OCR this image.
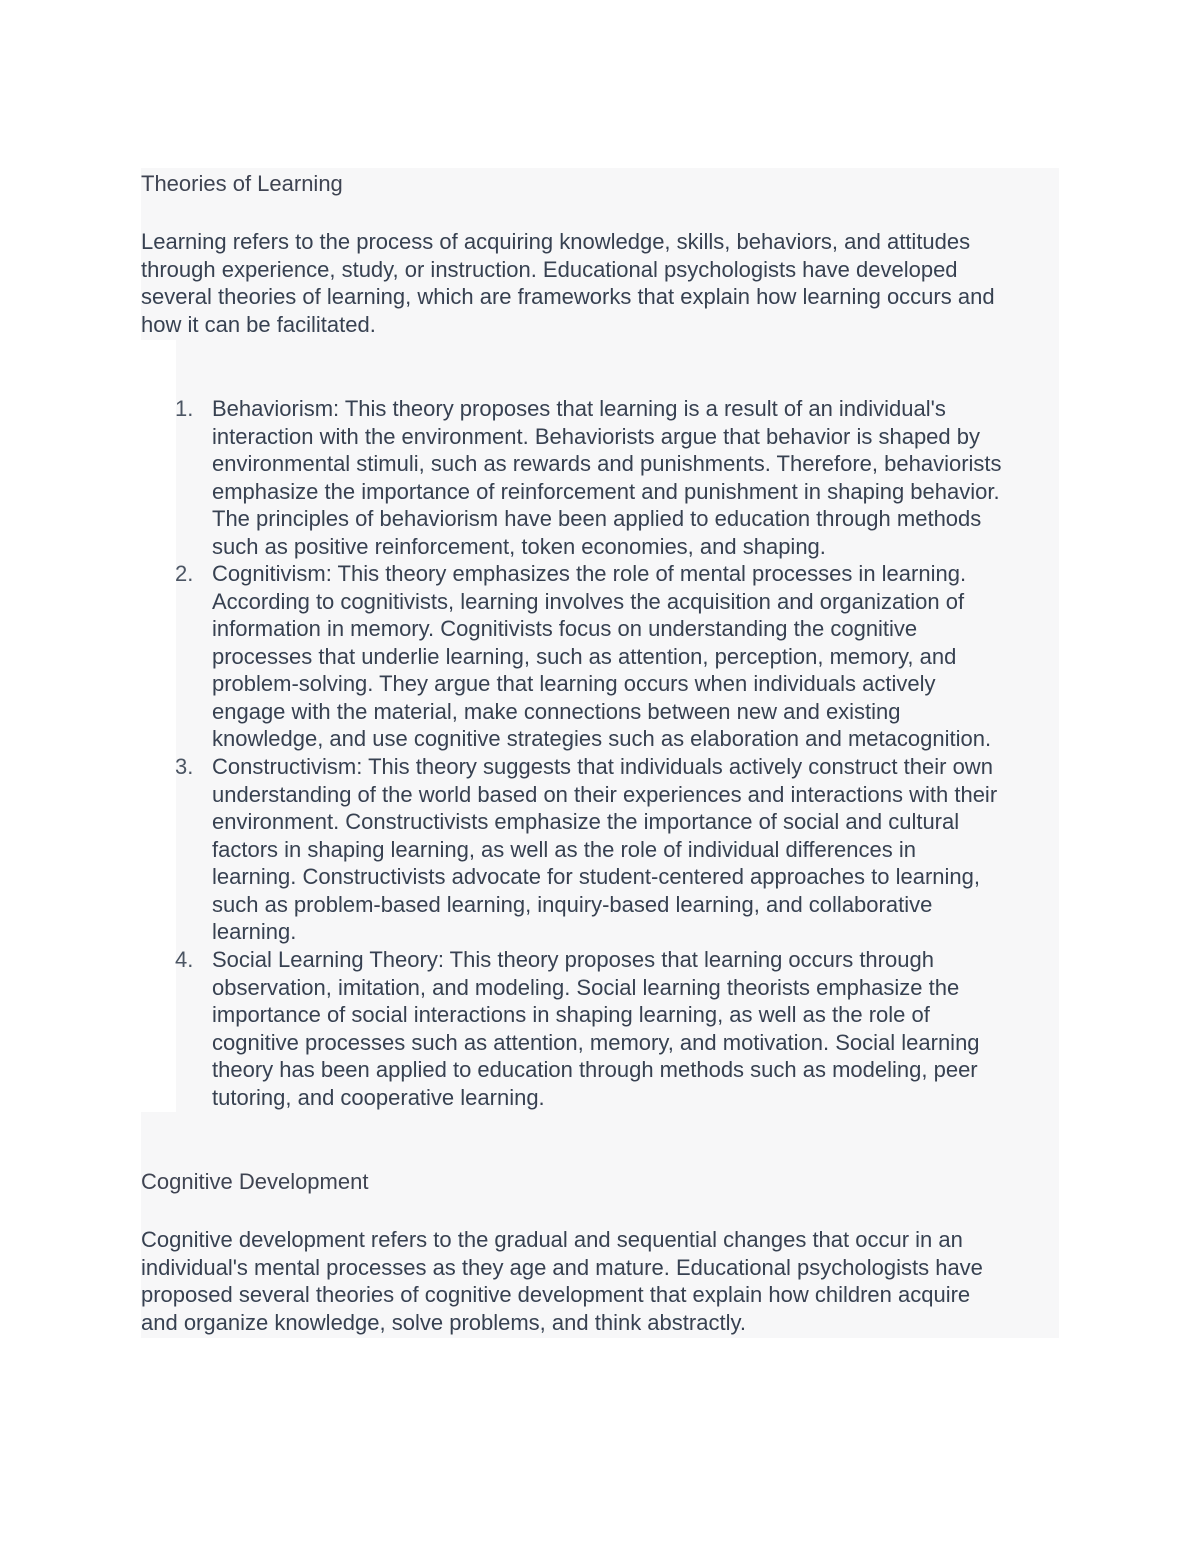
Theories of Learning

Learning refers to the process of acquiring knowledge, skills, behaviors, and attitudes
through experience, study, or instruction. Educational psychologists have developed
several theories of learning, which are frameworks that explain how learning occurs and
how it can be facilitated.

1. Behaviorism: This theory proposes that learning is a result of an individual's
interaction with the environment. Behaviorists argue that behavior is shaped by
environmental stimuli, such as rewards and punishments. Therefore, behaviorists
emphasize the importance of reinforcement and punishment in shaping behavior.
The principles of behaviorism have been applied to education through methods
such as positive reinforcement, token economies, and shaping.
2. Cognitivism: This theory emphasizes the role of mental processes in learning.
According to cognitivists, learning involves the acquisition and organization of
information in memory. Cognitivists focus on understanding the cognitive
processes that underlie learning, such as attention, perception, memory, and
problem-solving. They argue that learning occurs when individuals actively
engage with the material, make connections between new and existing
knowledge, and use cognitive strategies such as elaboration and metacognition.
3. Constructivism: This theory suggests that individuals actively construct their own
understanding of the world based on their experiences and interactions with their
environment. Constructivists emphasize the importance of social and cultural
factors in shaping learning, as well as the role of individual differences in
learning. Constructivists advocate for student-centered approaches to learning,
such as problem-based learning, inquiry-based learning, and collaborative
learning.
4. Social Learning Theory: This theory proposes that learning occurs through
observation, imitation, and modeling. Social learning theorists emphasize the
importance of social interactions in shaping learning, as well as the role of
cognitive processes such as attention, memory, and motivation. Social learning
theory has been applied to education through methods such as modeling, peer
tutoring, and cooperative learning.
Cognitive Development

Cognitive development refers to the gradual and sequential changes that occur in an
individual's mental processes as they age and mature. Educational psychologists have
proposed several theories of cognitive development that explain how children acquire
and organize knowledge, solve problems, and think abstractly.
